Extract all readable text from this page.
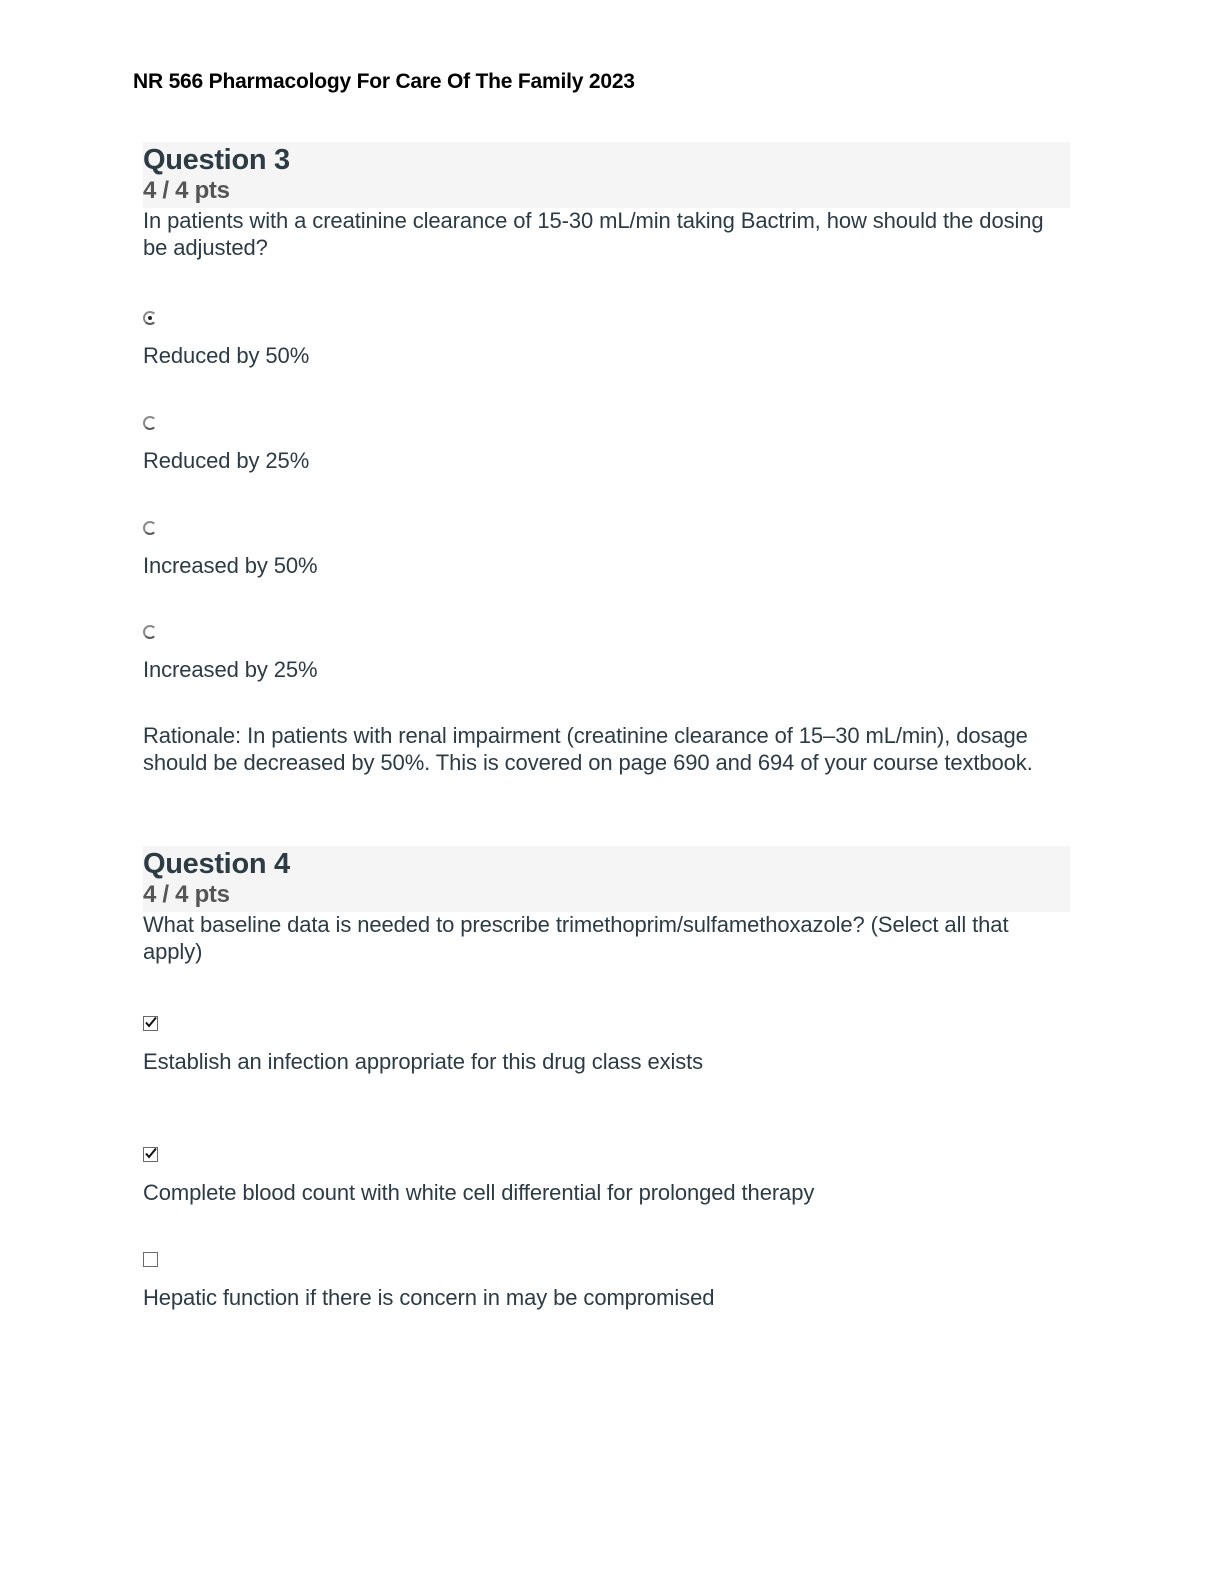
NR 566 Pharmacology For Care Of The Family 2023
Question 3
4 / 4 pts
In patients with a creatinine clearance of 15-30 mL/min taking Bactrim, how should the dosing be adjusted?
Reduced by 50%
Reduced by 25%
Increased by 50%
Increased by 25%
Rationale: In patients with renal impairment (creatinine clearance of 15–30 mL/min), dosage should be decreased by 50%. This is covered on page 690 and 694 of your course textbook.
Question 4
4 / 4 pts
What baseline data is needed to prescribe trimethoprim/sulfamethoxazole? (Select all that apply)
Establish an infection appropriate for this drug class exists
Complete blood count with white cell differential for prolonged therapy
Hepatic function if there is concern in may be compromised
